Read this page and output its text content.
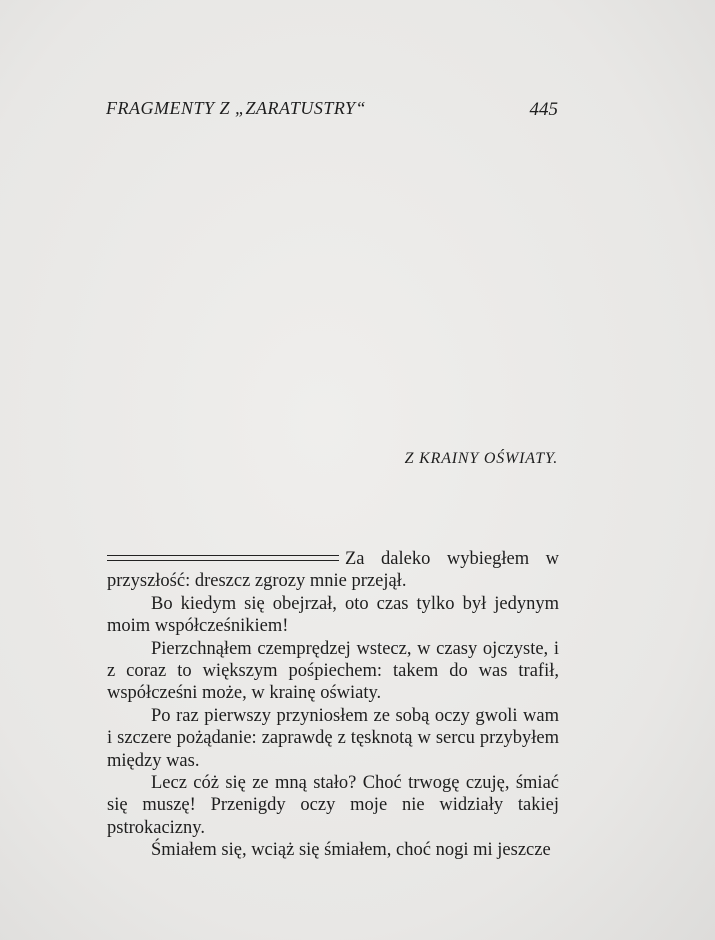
FRAGMENTY Z „ZARATUSTRY“	445
Z KRAINY OŚWIATY.

Za daleko wybiegłem w przyszłość: dreszcz zgrozy mnie przejął.

Bo kiedym się obejrzał, oto czas tylko był jedynym moim współcześnikiem!

Pierzchnąłem czemprędzej wstecz, w czasy ojczyste, i z coraz to większym pośpiechem: takem do was trafił, współcześni może, w krainę oświaty.

Po raz pierwszy przyniosłem ze sobą oczy gwoli wam i szczere pożądanie: zaprawdę z tęsknotą w sercu przybyłem między was.

Lecz cóż się ze mną stało? Choć trwogę czuję, śmiać się muszę! Przenigdy oczy moje nie widziały takiej pstrokacizny.

Śmiałem się, wciąż się śmiałem, choć nogi mi jeszcze
